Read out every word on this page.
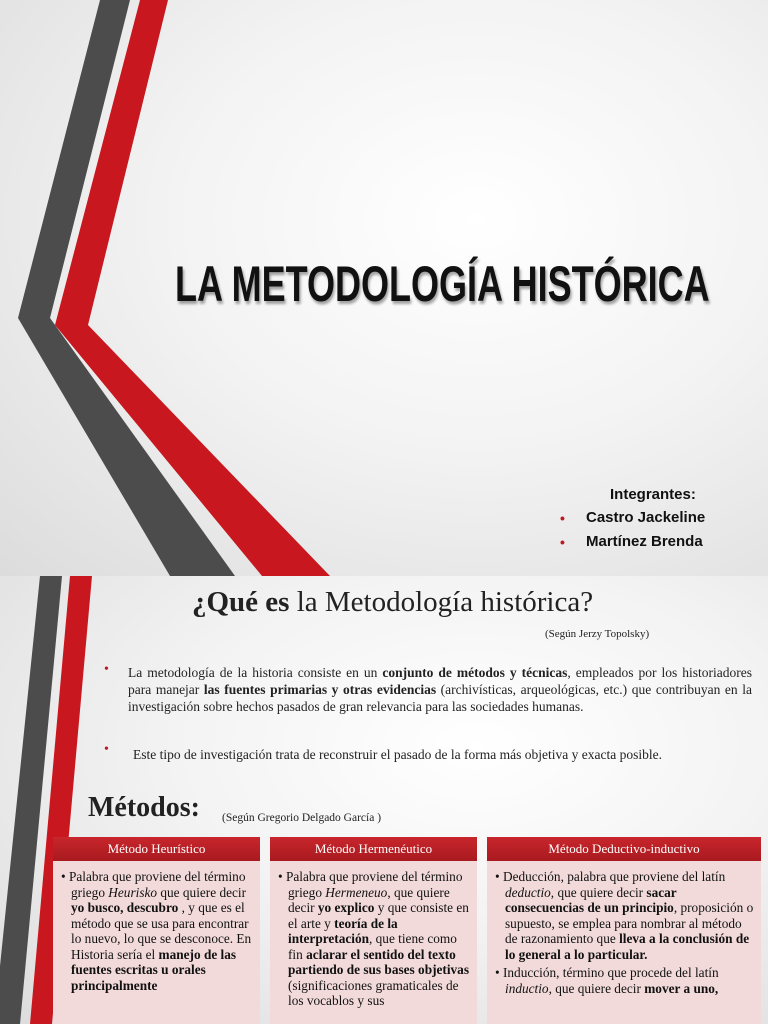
LA METODOLOGÍA HISTÓRICA
Integrantes:
•	Castro Jackeline
•	Martínez Brenda
¿Qué es la Metodología histórica?
(Según Jerzy Topolsky)
• La metodología de la historia consiste en un conjunto de métodos y técnicas, empleados por los historiadores para manejar las fuentes primarias y otras evidencias (archivísticas, arqueológicas, etc.) que contribuyan en la investigación sobre hechos pasados de gran relevancia para las sociedades humanas.
• Este tipo de investigación trata de reconstruir el pasado de la forma más objetiva y exacta posible.
Métodos: (Según Gregorio Delgado García )
Método Heurístico

• Palabra que proviene del término griego Heurisko que quiere decir yo busco, descubro , y que es el método que se usa para encontrar lo nuevo, lo que se desconoce. En Historia sería el manejo de las fuentes escritas u orales principalmente

Método Hermenéutico

• Palabra que proviene del término griego Hermeneuo, que quiere decir yo explico y que consiste en el arte y teoría de la interpretación, que tiene como fin aclarar el sentido del texto partiendo de sus bases objetivas (significaciones gramaticales de los vocablos y sus

Método Deductivo-inductivo

• Deducción, palabra que proviene del latín deductio, que quiere decir sacar consecuencias de un principio, proposición o supuesto, se emplea para nombrar al método de razonamiento que lleva a la conclusión de lo general a lo particular.

• Inducción, término que procede del latín inductio, que quiere decir mover a uno,
